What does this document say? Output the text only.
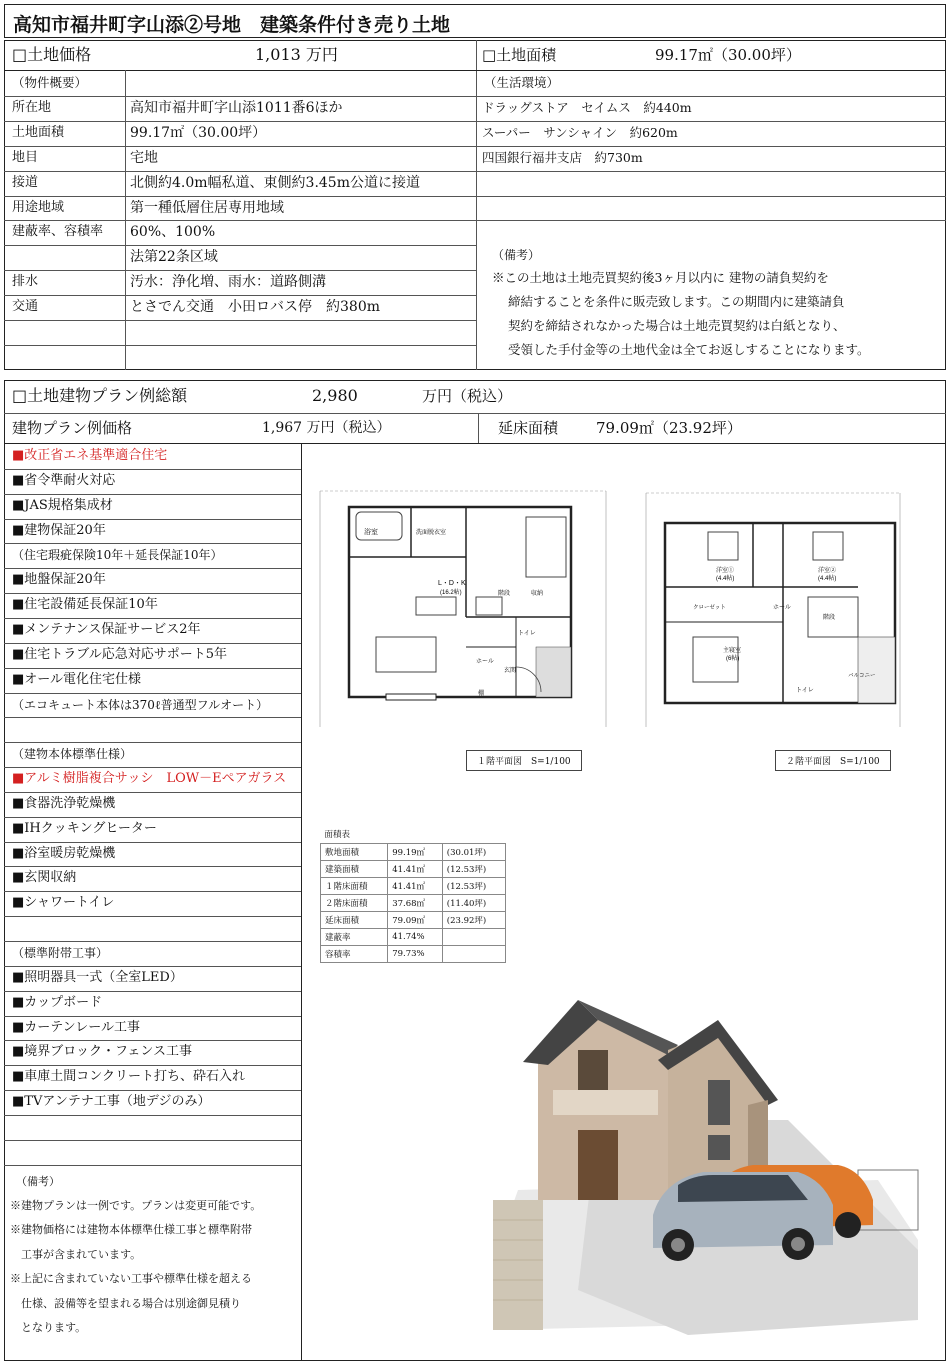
高知市福井町字山添②号地　建築条件付き売り土地
□土地価格	1,013 万円	□土地面積	99.17㎡（30.00坪）
□土地建物プラン例総額	2,980	万円（税込）
建物プラン例価格	1,967 万円（税込）	延床面積	79.09㎡（23.92坪）
浴室	洗面脱衣室
L・D・K
(16.2帖)	階段	収納
トイレ
ホール
玄関
棚
１階平面図　S=1/100
洋室①
(4.4帖)
洋室②
(4.4帖)
クローゼット	ホール
階段
主寝室
(6帖)
トイレ
バルコニー
２階平面図　S=1/100
面積表		
敷地面積	99.19㎡	(30.01坪)
建築面積	41.41㎡	(12.53坪)
１階床面積	41.41㎡	(12.53坪)
２階床面積	37.68㎡	(11.40坪)
延床面積	79.09㎡	(23.92坪)
建蔽率	41.74%	
容積率	79.73%	
（物件概要）
所在地	高知市福井町字山添1011番6ほか
土地面積	99.17㎡（30.00坪）
地目	宅地
接道	北側約4.0m幅私道、東側約3.45m公道に接道
用途地域	第一種低層住居専用地域
建蔽率、容積率 60%、100%
法第22条区域
排水	汚水：浄化増、雨水：道路側溝
交通	とさでん交通　小田ロバス停　約380m
（生活環境）
ドラッグストア　セイムス　約440m
スーパー　サンシャイン　約620m
四国銀行福井支店　約730m
（備考）
※この土地は土地売買契約後3ヶ月以内に 建物の請負契約を
締結することを条件に販売致します。この期間内に建築請負
契約を締結されなかった場合は土地売買契約は白紙となり、
受領した手付金等の土地代金は全てお返しすることになります。
■改正省エネ基準適合住宅
■省令準耐火対応
■JAS規格集成材
■建物保証20年
（住宅瑕疵保険10年＋延長保証10年）
■地盤保証20年
■住宅設備延長保証10年
■メンテナンス保証サービス2年
■住宅トラブル応急対応サポート5年
■オール電化住宅仕様
（エコキュート本体は370ℓ普通型フルオート）
（建物本体標準仕様）
■アルミ樹脂複合サッシ　LOW－Eペアガラス
■食器洗浄乾燥機
■IHクッキングヒーター
■浴室暖房乾燥機
■玄関収納
■シャワートイレ
（標準附帯工事）
■照明器具一式（全室LED）
■カップボード
■カーテンレール工事
■境界ブロック・フェンス工事
■車庫土間コンクリート打ち、砕石入れ
■TVアンテナ工事（地デジのみ）
（備考）
※建物プランは一例です。プランは変更可能です。
※建物価格には建物本体標準仕様工事と標準附帯
　工事が含まれています。
※上記に含まれていない工事や標準仕様を超える
　仕様、設備等を望まれる場合は別途御見積り
　となります。
